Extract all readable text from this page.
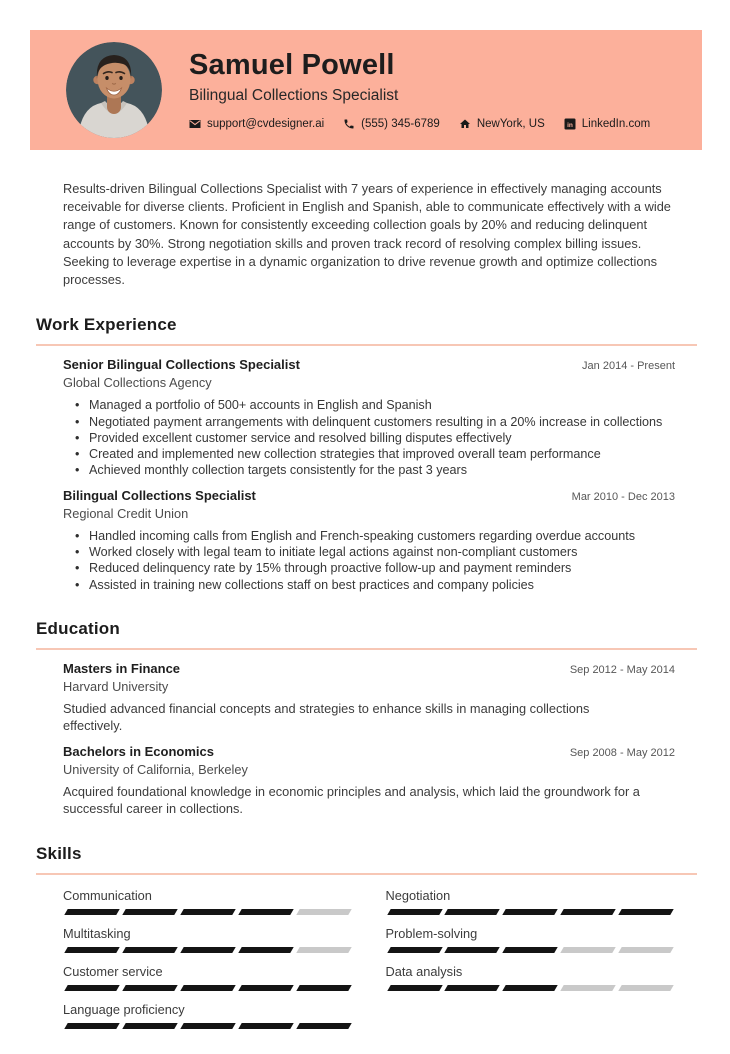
Samuel Powell
Bilingual Collections Specialist
support@cvdesigner.ai	(555) 345-6789	NewYork, US in LinkedIn.com

Results-driven Bilingual Collections Specialist with 7 years of experience in effectively managing accounts receivable for diverse clients. Proficient in English and Spanish, able to communicate effectively with a wide range of customers. Known for consistently exceeding collection goals by 20% and reducing delinquent accounts by 30%. Strong negotiation skills and proven track record of resolving complex billing issues. Seeking to leverage expertise in a dynamic organization to drive revenue growth and optimize collections processes.

Work Experience
Senior Bilingual Collections Specialist	Jan 2014 - Present
Global Collections Agency
• Managed a portfolio of 500+ accounts in English and Spanish
• Negotiated payment arrangements with delinquent customers resulting in a 20% increase in collections
• Provided excellent customer service and resolved billing disputes effectively
• Created and implemented new collection strategies that improved overall team performance
• Achieved monthly collection targets consistently for the past 3 years
Bilingual Collections Specialist	Mar 2010 - Dec 2013
Regional Credit Union
• Handled incoming calls from English and French-speaking customers regarding overdue accounts
• Worked closely with legal team to initiate legal actions against non-compliant customers
• Reduced delinquency rate by 15% through proactive follow-up and payment reminders
• Assisted in training new collections staff on best practices and company policies
Education
Masters in Finance	Sep 2012 - May 2014
Harvard University

Studied advanced financial concepts and strategies to enhance skills in managing collections effectively.

Bachelors in Economics	Sep 2008 - May 2012
University of California, Berkeley

Acquired foundational knowledge in economic principles and analysis, which laid the groundwork for a successful career in collections.

Skills
Communication
Multitasking
Customer service
Language proficiency
Negotiation
Problem-solving
Data analysis
